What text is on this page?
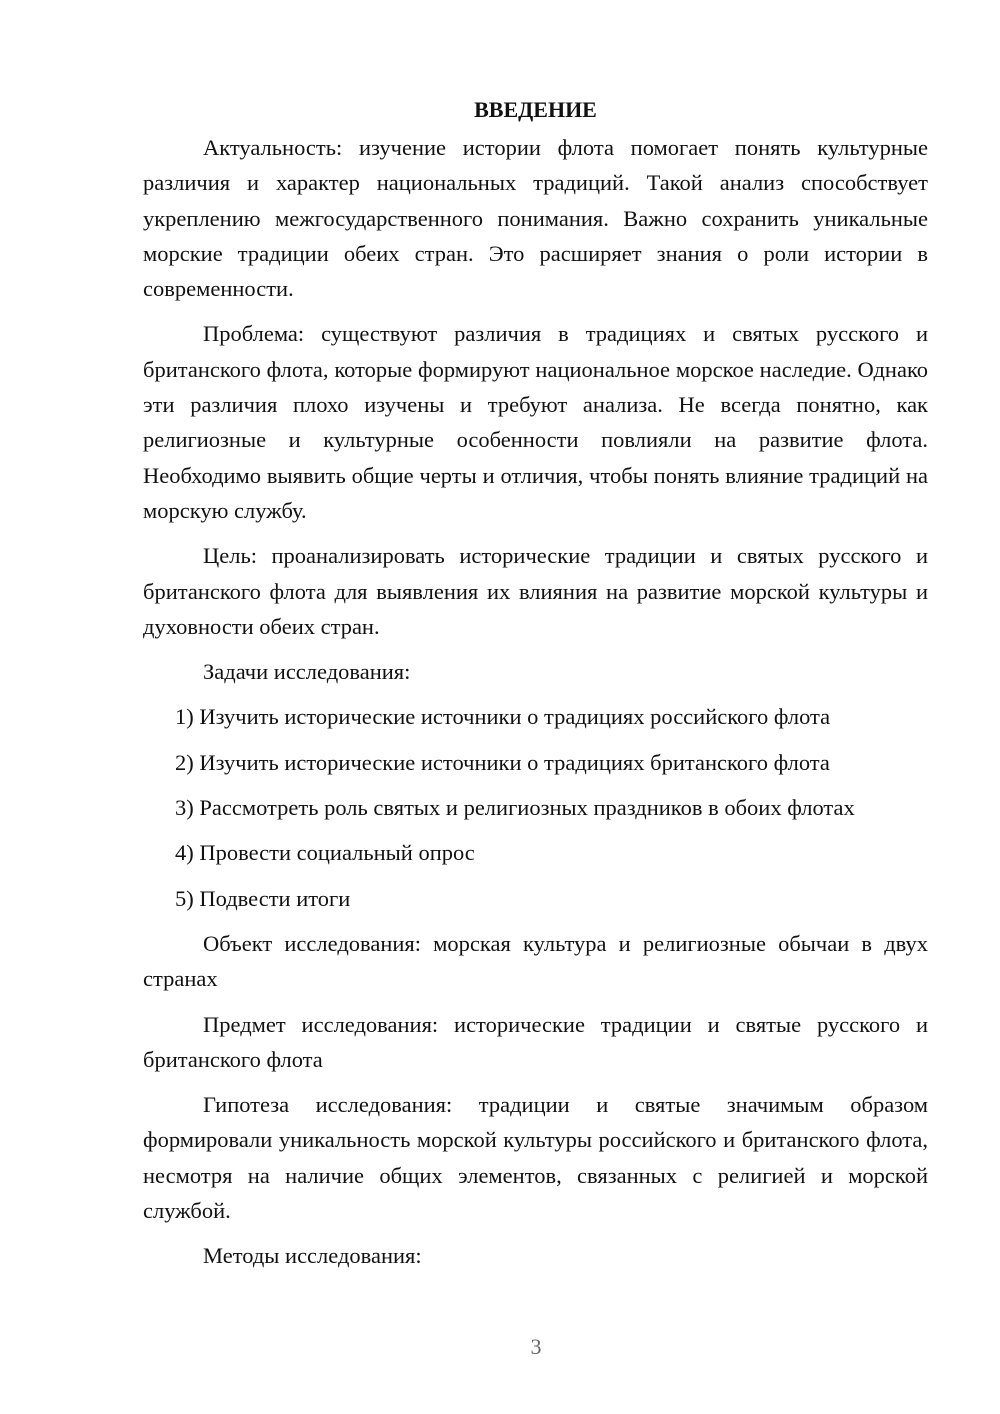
ВВЕДЕНИЕ

Актуальность: изучение истории флота помогает понять культурные различия и характер национальных традиций. Такой анализ способствует укреплению межгосударственного понимания. Важно сохранить уникальные морские традиции обеих стран. Это расширяет знания о роли истории в современности.

Проблема: существуют различия в традициях и святых русского и британского флота, которые формируют национальное морское наследие. Однако эти различия плохо изучены и требуют анализа. Не всегда понятно, как религиозные и культурные особенности повлияли на развитие флота. Необходимо выявить общие черты и отличия, чтобы понять влияние традиций на морскую службу.

Цель: проанализировать исторические традиции и святых русского и британского флота для выявления их влияния на развитие морской культуры и духовности обеих стран.

Задачи исследования:

1) Изучить исторические источники о традициях российского флота
2) Изучить исторические источники о традициях британского флота
3) Рассмотреть роль святых и религиозных праздников в обоих флотах
4) Провести социальный опрос
5) Подвести итоги

Объект исследования: морская культура и религиозные обычаи в двух странах

Предмет исследования: исторические традиции и святые русского и британского флота

Гипотеза исследования: традиции и святые значимым образом формировали уникальность морской культуры российского и британского флота, несмотря на наличие общих элементов, связанных с религией и морской службой.

Методы исследования:

3
